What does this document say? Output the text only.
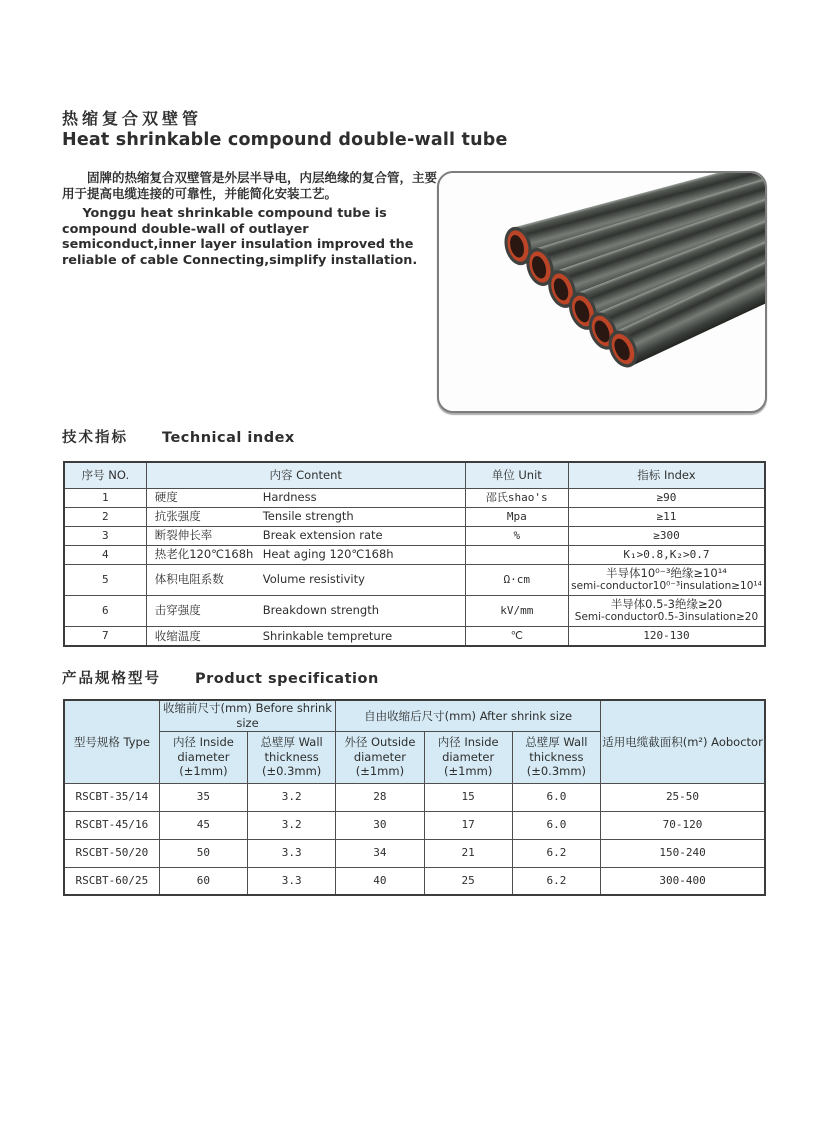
热缩复合双壁管
Heat shrinkable compound double-wall tube

固牌的热缩复合双壁管是外层半导电，内层绝缘的复合管，主要用于提高电缆连接的可靠性，并能简化安装工艺。

Yonggu heat shrinkable compound tube is compound double-wall of outlayer semiconduct,inner layer insulation improved the reliable of cable Connecting,simplify installation.

技术指标 Technical index
序号 NO.	内容 Content	单位 Unit	指标 Index
1	硬度 Hardness	邵氏shao's	≥90
2	抗张强度 Tensile strength	Mpa	≥11
3	断裂伸长率 Break extension rate	%	≥300
4	热老化120℃168h Heat aging 120℃168h		K₁>0.8,K₂>0.7
5	体积电阻系数 Volume resistivity	Ω·cm	半导体10⁰⁻³绝缘≥10¹⁴
semi-conductor10⁰⁻³insulation≥10¹⁴

6	击穿强度 Breakdown strength	kV/mm	半导体0.5-3绝缘≥20
Semi-conductor0.5-3insulation≥20

7	收缩温度 Shrinkable tempreture	℃	120-130
产品规格型号 Product specification
型号规格 Type	收缩前尺寸(mm) Before shrink size		自由收缩后尺寸(mm) After shrink size			适用电缆截面积(m²) Aoboctor
	内径 Inside diameter (±1mm)	总壁厚 Wall thickness (±0.3mm)	外径 Outside diameter (±1mm)	内径 Inside diameter (±1mm)	总壁厚 Wall thickness (±0.3mm)	
RSCBT-35/14	35	3.2	28	15	6.0	25-50
RSCBT-45/16	45	3.2	30	17	6.0	70-120
RSCBT-50/20	50	3.3	34	21	6.2	150-240
RSCBT-60/25	60	3.3	40	25	6.2	300-400
